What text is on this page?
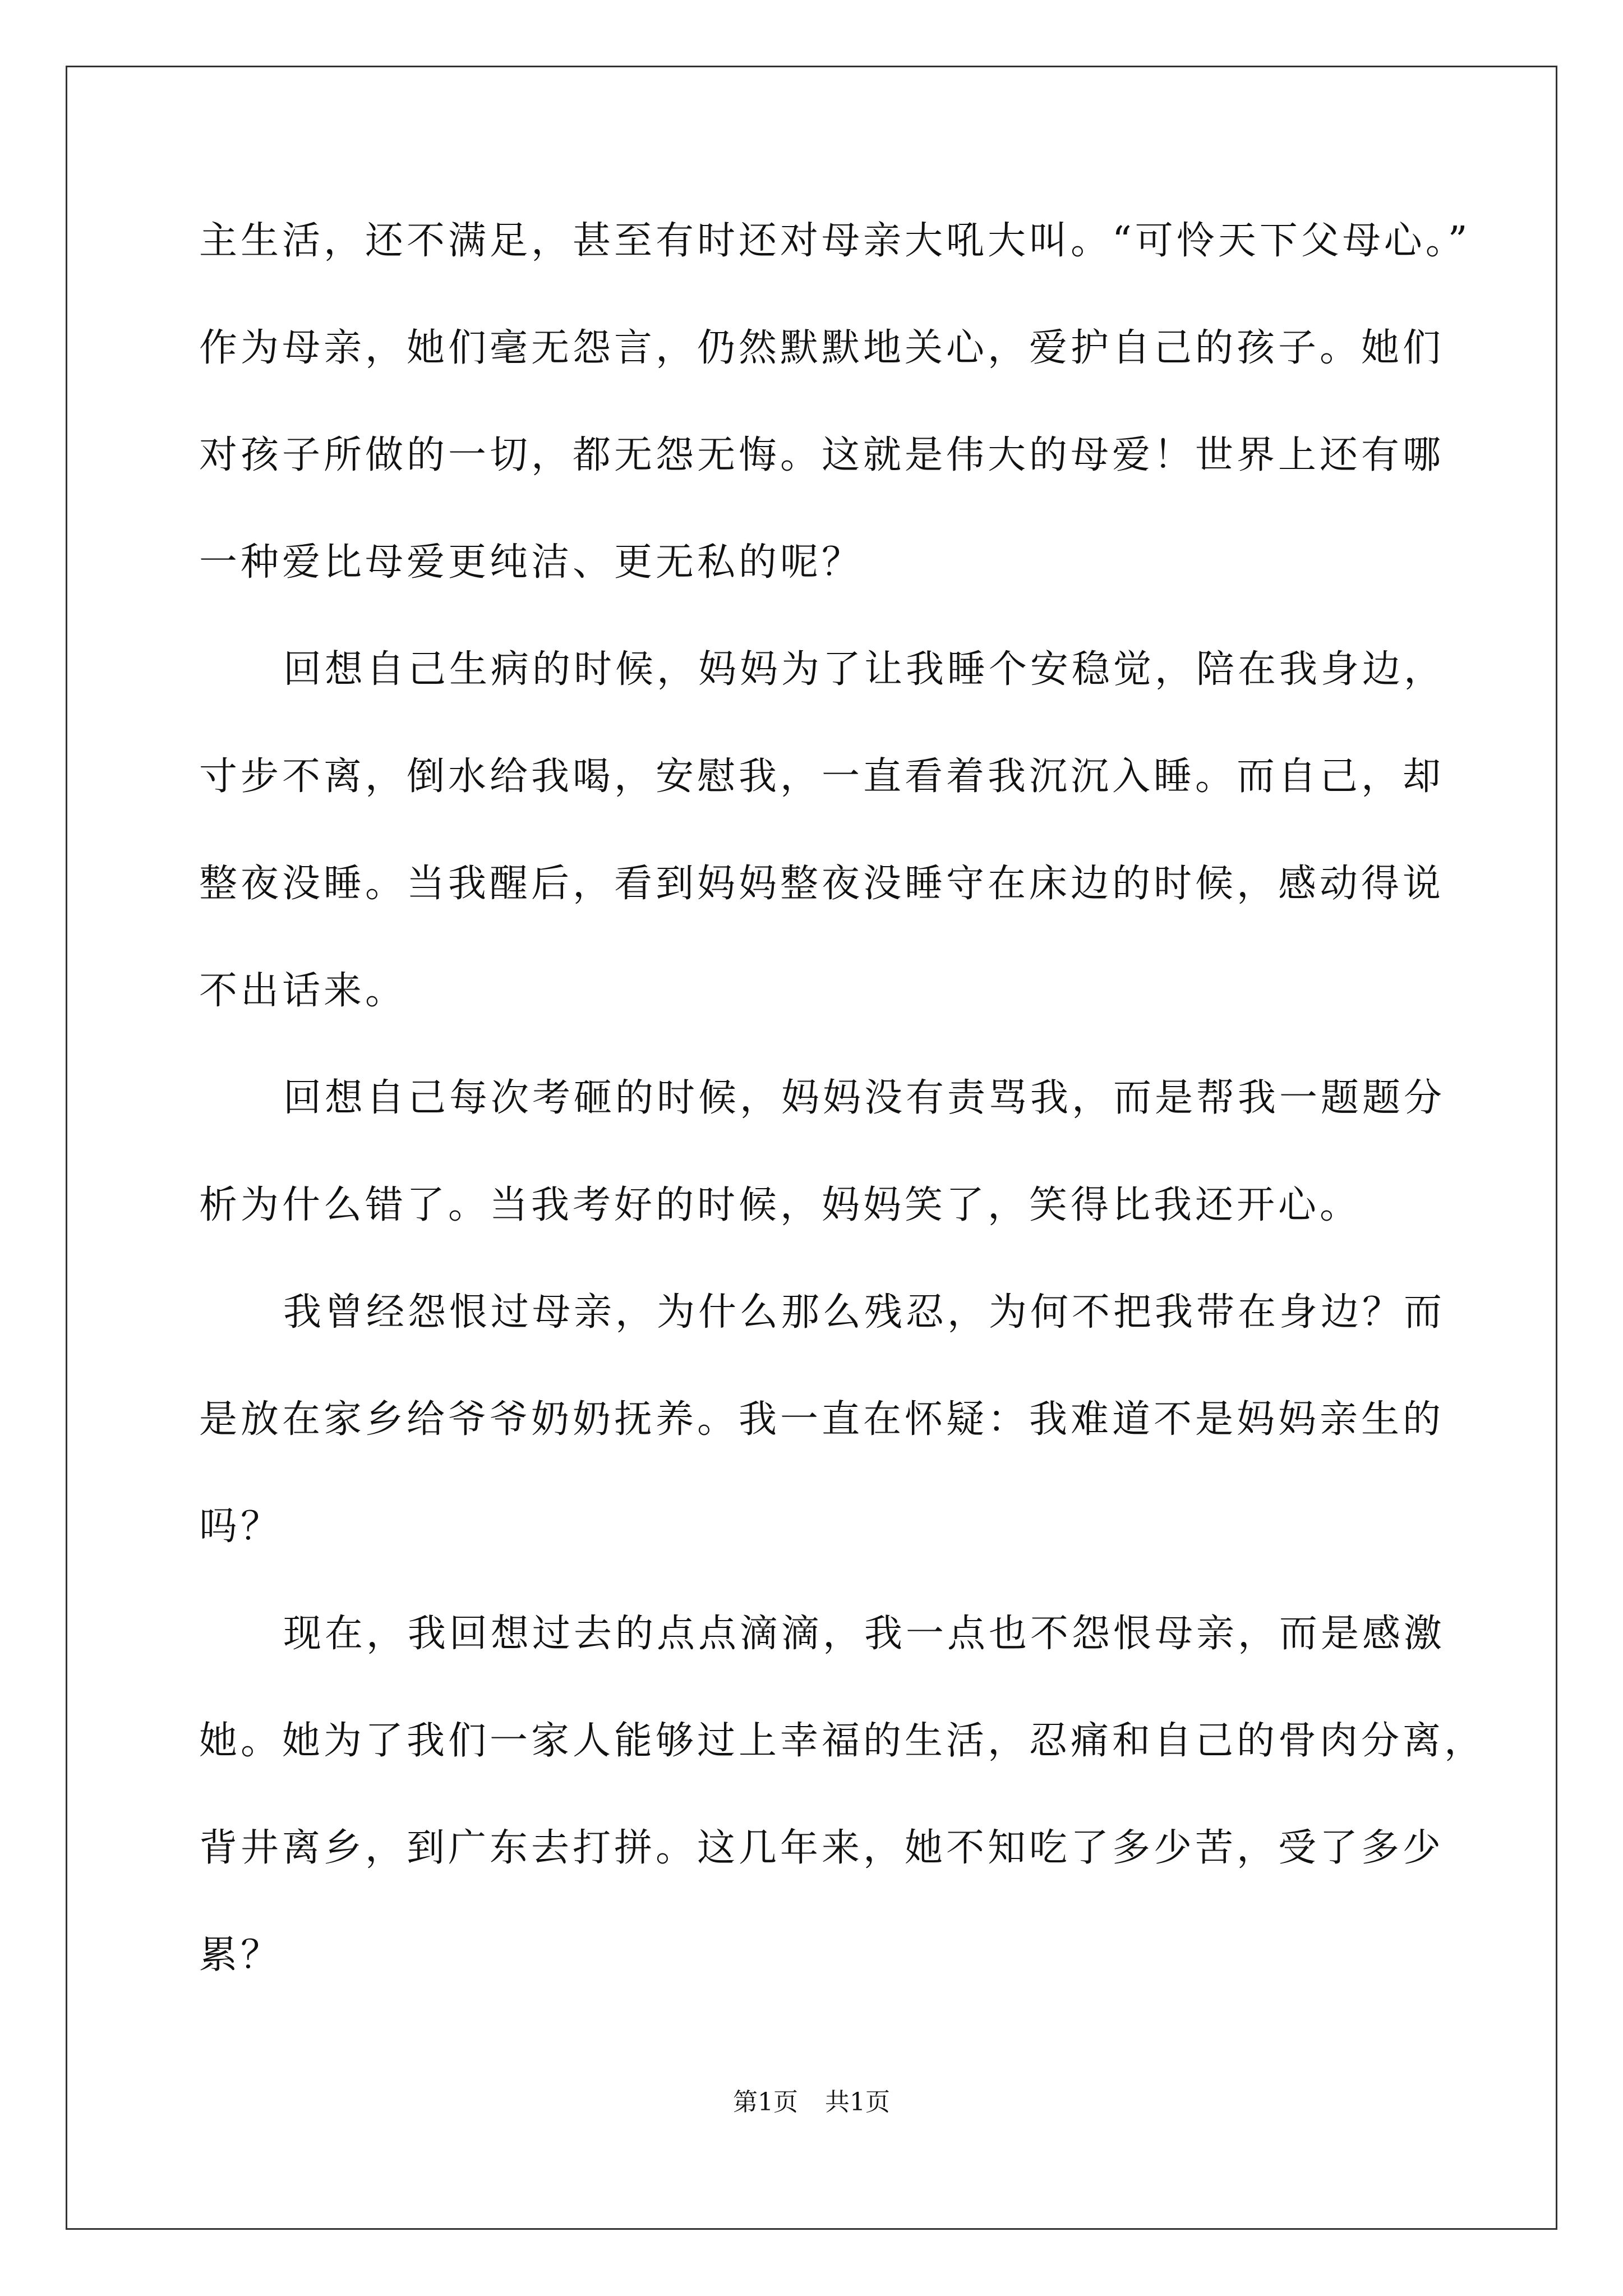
主生活，还不满足，甚至有时还对母亲大吼大叫。“可怜天下父母心。”
作为母亲，她们毫无怨言，仍然默默地关心，爱护自己的孩子。她们
对孩子所做的一切，都无怨无悔。这就是伟大的母爱！世界上还有哪
一种爱比母爱更纯洁、更无私的呢？
回想自己生病的时候，妈妈为了让我睡个安稳觉，陪在我身边，
寸步不离，倒水给我喝，安慰我，一直看着我沉沉入睡。而自己，却
整夜没睡。当我醒后，看到妈妈整夜没睡守在床边的时候，感动得说
不出话来。
回想自己每次考砸的时候，妈妈没有责骂我，而是帮我一题题分
析为什么错了。当我考好的时候，妈妈笑了，笑得比我还开心。
我曾经怨恨过母亲，为什么那么残忍，为何不把我带在身边？而
是放在家乡给爷爷奶奶抚养。我一直在怀疑：我难道不是妈妈亲生的
吗？
现在，我回想过去的点点滴滴，我一点也不怨恨母亲，而是感激
她。她为了我们一家人能够过上幸福的生活，忍痛和自己的骨肉分离，
背井离乡，到广东去打拼。这几年来，她不知吃了多少苦，受了多少
累？
第1页 共1页
